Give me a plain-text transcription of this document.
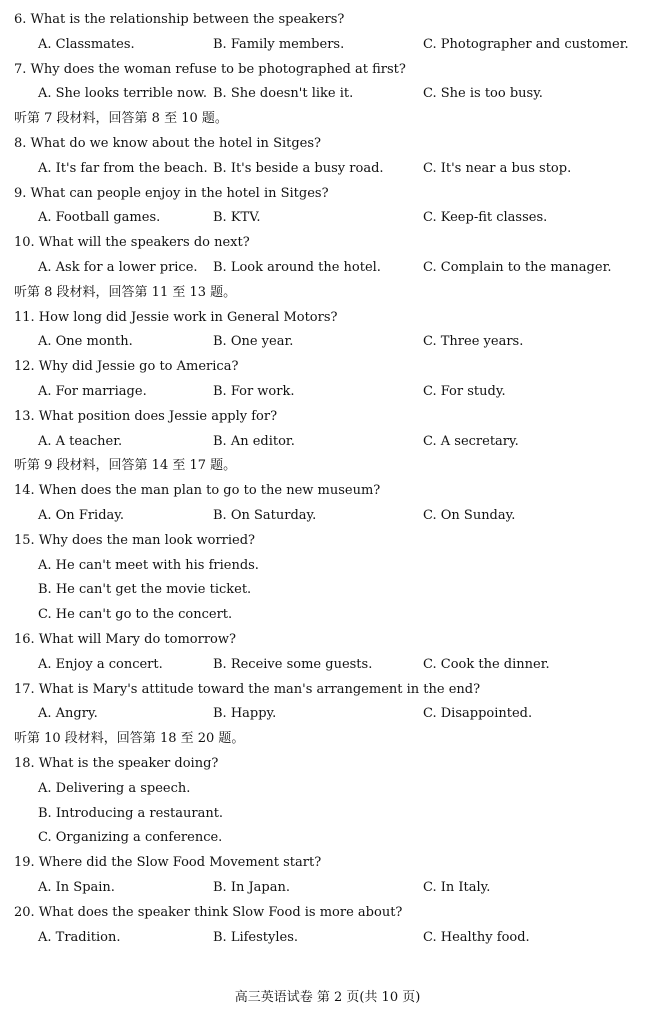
6. What is the relationship between the speakers?
A. Classmates.	B. Family members.	C. Photographer and customer.
7. Why does the woman refuse to be photographed at first?
A. She looks terrible now. B. She doesn't like it.	C. She is too busy.
听第 7 段材料，回答第 8 至 10 题。
8. What do we know about the hotel in Sitges?
A. It's far from the beach. B. It's beside a busy road.	C. It's near a bus stop.
9. What can people enjoy in the hotel in Sitges?
A. Football games.	B. KTV.	C. Keep-fit classes.
10. What will the speakers do next?
A. Ask for a lower price. B. Look around the hotel.	C. Complain to the manager.
听第 8 段材料，回答第 11 至 13 题。
11. How long did Jessie work in General Motors?
A. One month.	B. One year.	C. Three years.
12. Why did Jessie go to America?
A. For marriage.	B. For work.	C. For study.
13. What position does Jessie apply for?
A. A teacher.	B. An editor.	C. A secretary.
听第 9 段材料，回答第 14 至 17 题。
14. When does the man plan to go to the new museum?
A. On Friday.	B. On Saturday.	C. On Sunday.
15. Why does the man look worried?
A. He can't meet with his friends.
B. He can't get the movie ticket.
C. He can't go to the concert.
16. What will Mary do tomorrow?
A. Enjoy a concert.	B. Receive some guests.	C. Cook the dinner.
17. What is Mary's attitude toward the man's arrangement in the end?
A. Angry.	B. Happy.	C. Disappointed.
听第 10 段材料，回答第 18 至 20 题。
18. What is the speaker doing?
A. Delivering a speech.
B. Introducing a restaurant.
C. Organizing a conference.
19. Where did the Slow Food Movement start?
A. In Spain.	B. In Japan.	C. In Italy.
20. What does the speaker think Slow Food is more about?
A. Tradition.	B. Lifestyles.	C. Healthy food.
高三英语试卷 第 2 页(共 10 页)
